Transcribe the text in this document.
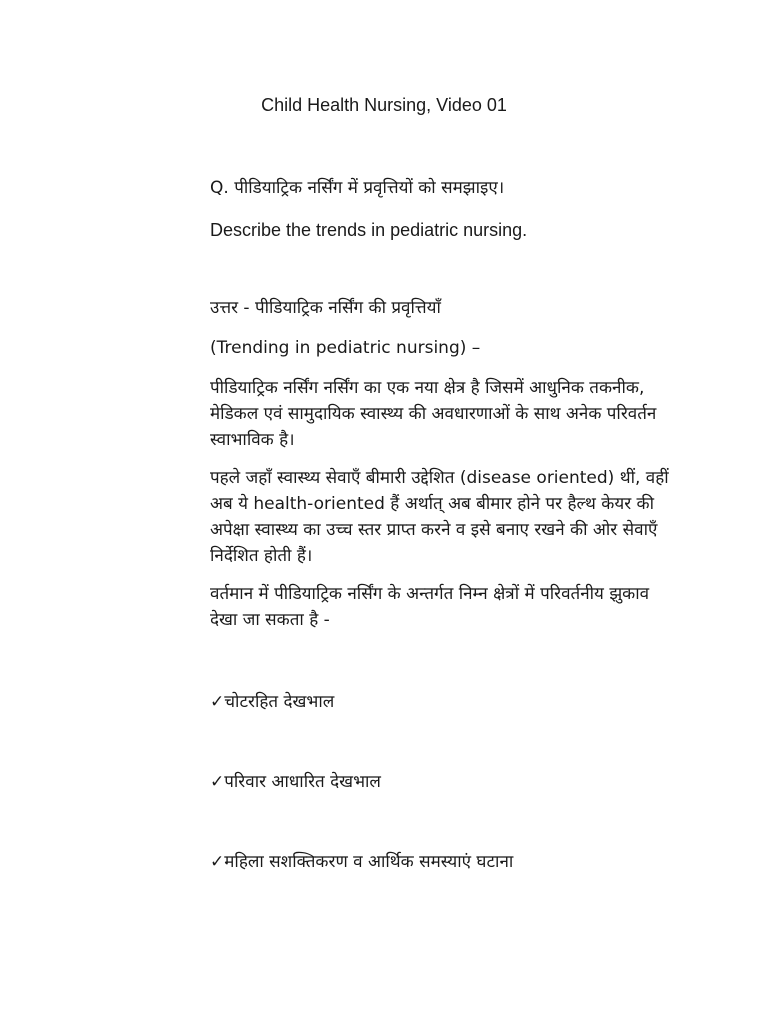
Child Health Nursing, Video 01

Q. पीडियाट्रिक नर्सिंग में प्रवृत्तियों को समझाइए।

Describe the trends in pediatric nursing.

उत्तर - पीडियाट्रिक नर्सिंग की प्रवृत्तियाँ

(Trending in pediatric nursing) –

पीडियाट्रिक नर्सिंग नर्सिंग का एक नया क्षेत्र है जिसमें आधुनिक तकनीक, मेडिकल एवं सामुदायिक स्वास्थ्य की अवधारणाओं के साथ अनेक परिवर्तन स्वाभाविक है।

पहले जहाँ स्वास्थ्य सेवाएँ बीमारी उद्देशित (disease oriented) थीं, वहीं अब ये health-oriented हैं अर्थात् अब बीमार होने पर हैल्थ केयर की अपेक्षा स्वास्थ्य का उच्च स्तर प्राप्त करने व इसे बनाए रखने की ओर सेवाएँ निर्देशित होती हैं।

वर्तमान में पीडियाट्रिक नर्सिंग के अन्तर्गत निम्न क्षेत्रों में परिवर्तनीय झुकाव देखा जा सकता है -

✓चोटरहित देखभाल

✓परिवार आधारित देखभाल

✓महिला सशक्तिकरण व आर्थिक समस्याएं घटाना
